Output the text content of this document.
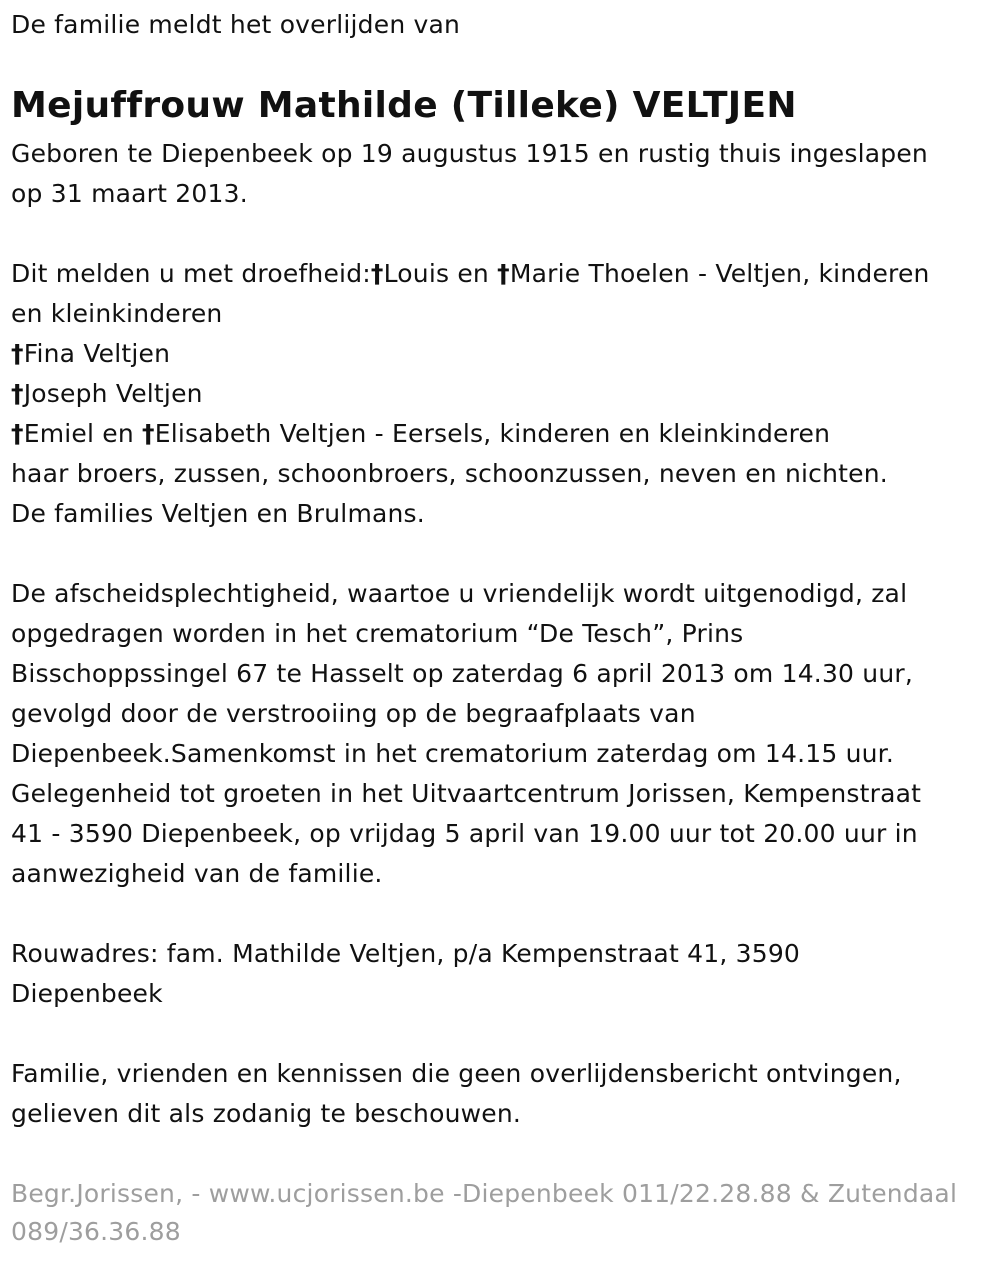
De familie meldt het overlijden van
Mejuffrouw Mathilde (Tilleke) VELTJEN
Geboren te Diepenbeek op 19 augustus 1915 en rustig thuis ingeslapen
op 31 maart 2013.
Dit melden u met droefheid:†Louis en †Marie Thoelen - Veltjen, kinderen
en kleinkinderen
†Fina Veltjen
†Joseph Veltjen
†Emiel en †Elisabeth Veltjen - Eersels, kinderen en kleinkinderen
haar broers, zussen, schoonbroers, schoonzussen, neven en nichten.
De families Veltjen en Brulmans.
De afscheidsplechtigheid, waartoe u vriendelijk wordt uitgenodigd, zal
opgedragen worden in het crematorium “De Tesch”, Prins
Bisschoppssingel 67 te Hasselt op zaterdag 6 april 2013 om 14.30 uur,
gevolgd door de verstrooiing op de begraafplaats van
Diepenbeek.Samenkomst in het crematorium zaterdag om 14.15 uur.
Gelegenheid tot groeten in het Uitvaartcentrum Jorissen, Kempenstraat
41 - 3590 Diepenbeek, op vrijdag 5 april van 19.00 uur tot 20.00 uur in
aanwezigheid van de familie.
Rouwadres: fam. Mathilde Veltjen, p/a Kempenstraat 41, 3590
Diepenbeek
Familie, vrienden en kennissen die geen overlijdensbericht ontvingen,
gelieven dit als zodanig te beschouwen.
Begr.Jorissen, - www.ucjorissen.be -Diepenbeek 011/22.28.88 & Zutendaal
089/36.36.88
